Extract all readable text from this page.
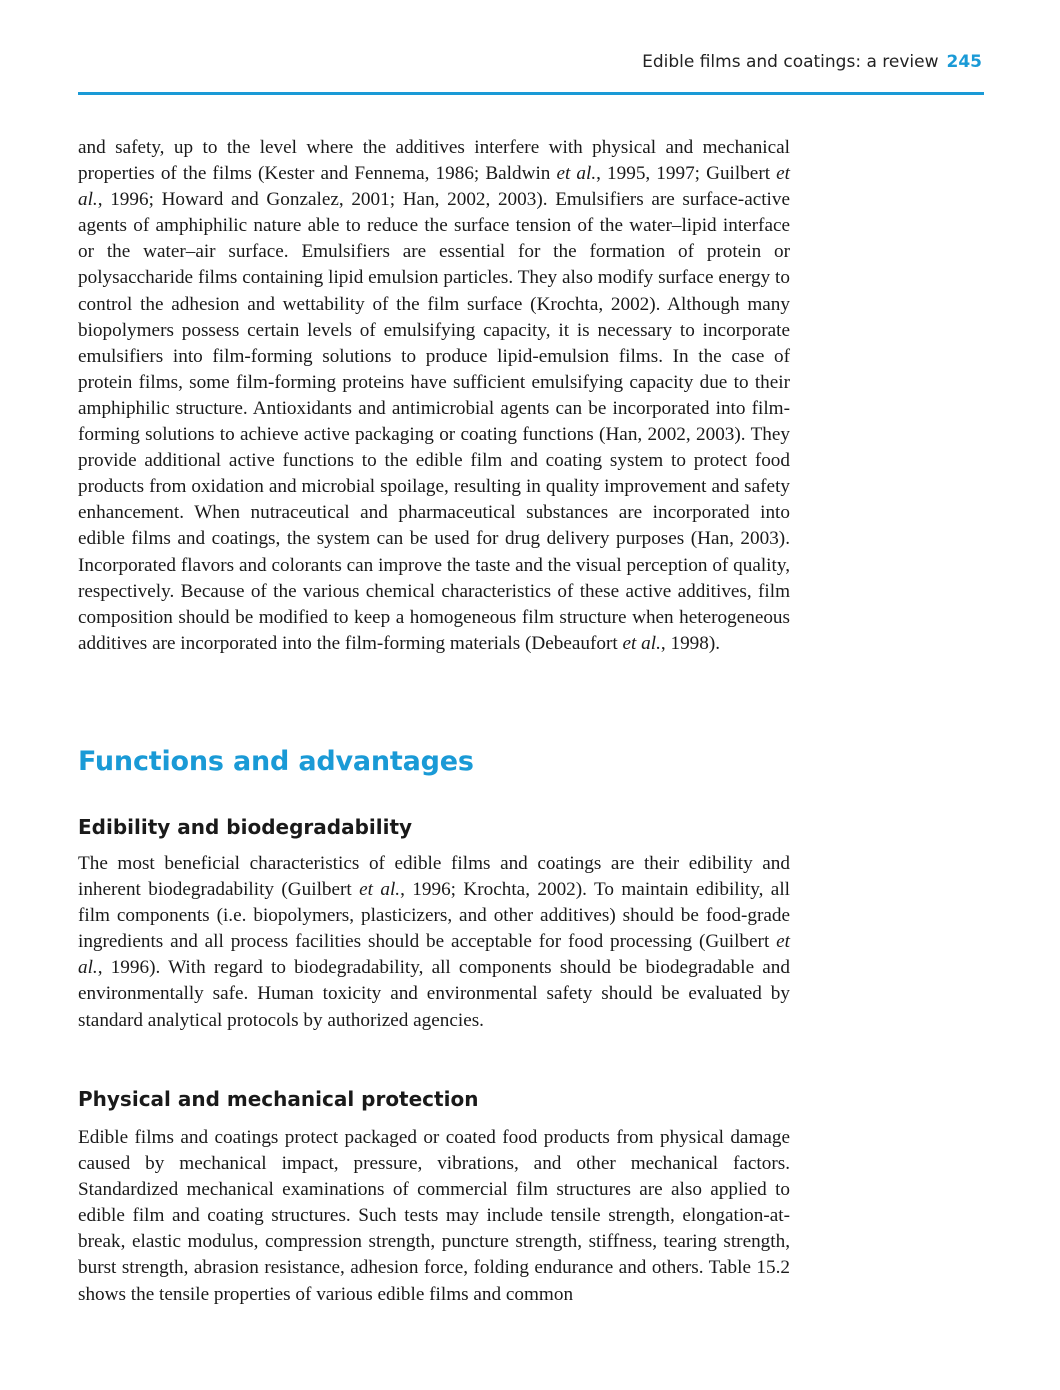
Edible films and coatings: a review 245

and safety, up to the level where the additives interfere with physical and mechanical properties of the films (Kester and Fennema, 1986; Baldwin et al., 1995, 1997; Guilbert et al., 1996; Howard and Gonzalez, 2001; Han, 2002, 2003). Emulsifiers are surface-active agents of amphiphilic nature able to reduce the surface tension of the water–lipid interface or the water–air surface. Emulsifiers are essential for the formation of protein or polysaccharide films containing lipid emulsion particles. They also modify surface energy to control the adhesion and wettability of the film surface (Krochta, 2002). Although many biopolymers possess certain levels of emulsifying capacity, it is necessary to incorporate emulsifiers into film-forming solutions to produce lipid-emulsion films. In the case of protein films, some film-forming proteins have sufficient emulsifying capacity due to their amphiphilic structure. Antioxidants and antimicrobial agents can be incorporated into film-forming solutions to achieve active packaging or coating functions (Han, 2002, 2003). They provide additional active functions to the edible film and coating system to protect food products from oxidation and microbial spoilage, resulting in quality improvement and safety enhancement. When nutraceutical and pharmaceutical substances are incorporated into edible films and coatings, the system can be used for drug delivery purposes (Han, 2003). Incorporated flavors and colorants can improve the taste and the visual perception of quality, respectively. Because of the various chemical characteristics of these active additives, film composition should be modified to keep a homogeneous film structure when heterogeneous additives are incorporated into the film-forming materials (Debeaufort et al., 1998).

Functions and advantages
Edibility and biodegradability

The most beneficial characteristics of edible films and coatings are their edibility and inherent biodegradability (Guilbert et al., 1996; Krochta, 2002). To maintain edibility, all film components (i.e. biopolymers, plasticizers, and other additives) should be food-grade ingredients and all process facilities should be acceptable for food processing (Guilbert et al., 1996). With regard to biodegradability, all components should be biodegradable and environmentally safe. Human toxicity and environmental safety should be evaluated by standard analytical protocols by authorized agencies.

Physical and mechanical protection

Edible films and coatings protect packaged or coated food products from physical damage caused by mechanical impact, pressure, vibrations, and other mechanical factors. Standardized mechanical examinations of commercial film structures are also applied to edible film and coating structures. Such tests may include tensile strength, elongation-at-break, elastic modulus, compression strength, puncture strength, stiffness, tearing strength, burst strength, abrasion resistance, adhesion force, folding endurance and others. Table 15.2 shows the tensile properties of various edible films and common
